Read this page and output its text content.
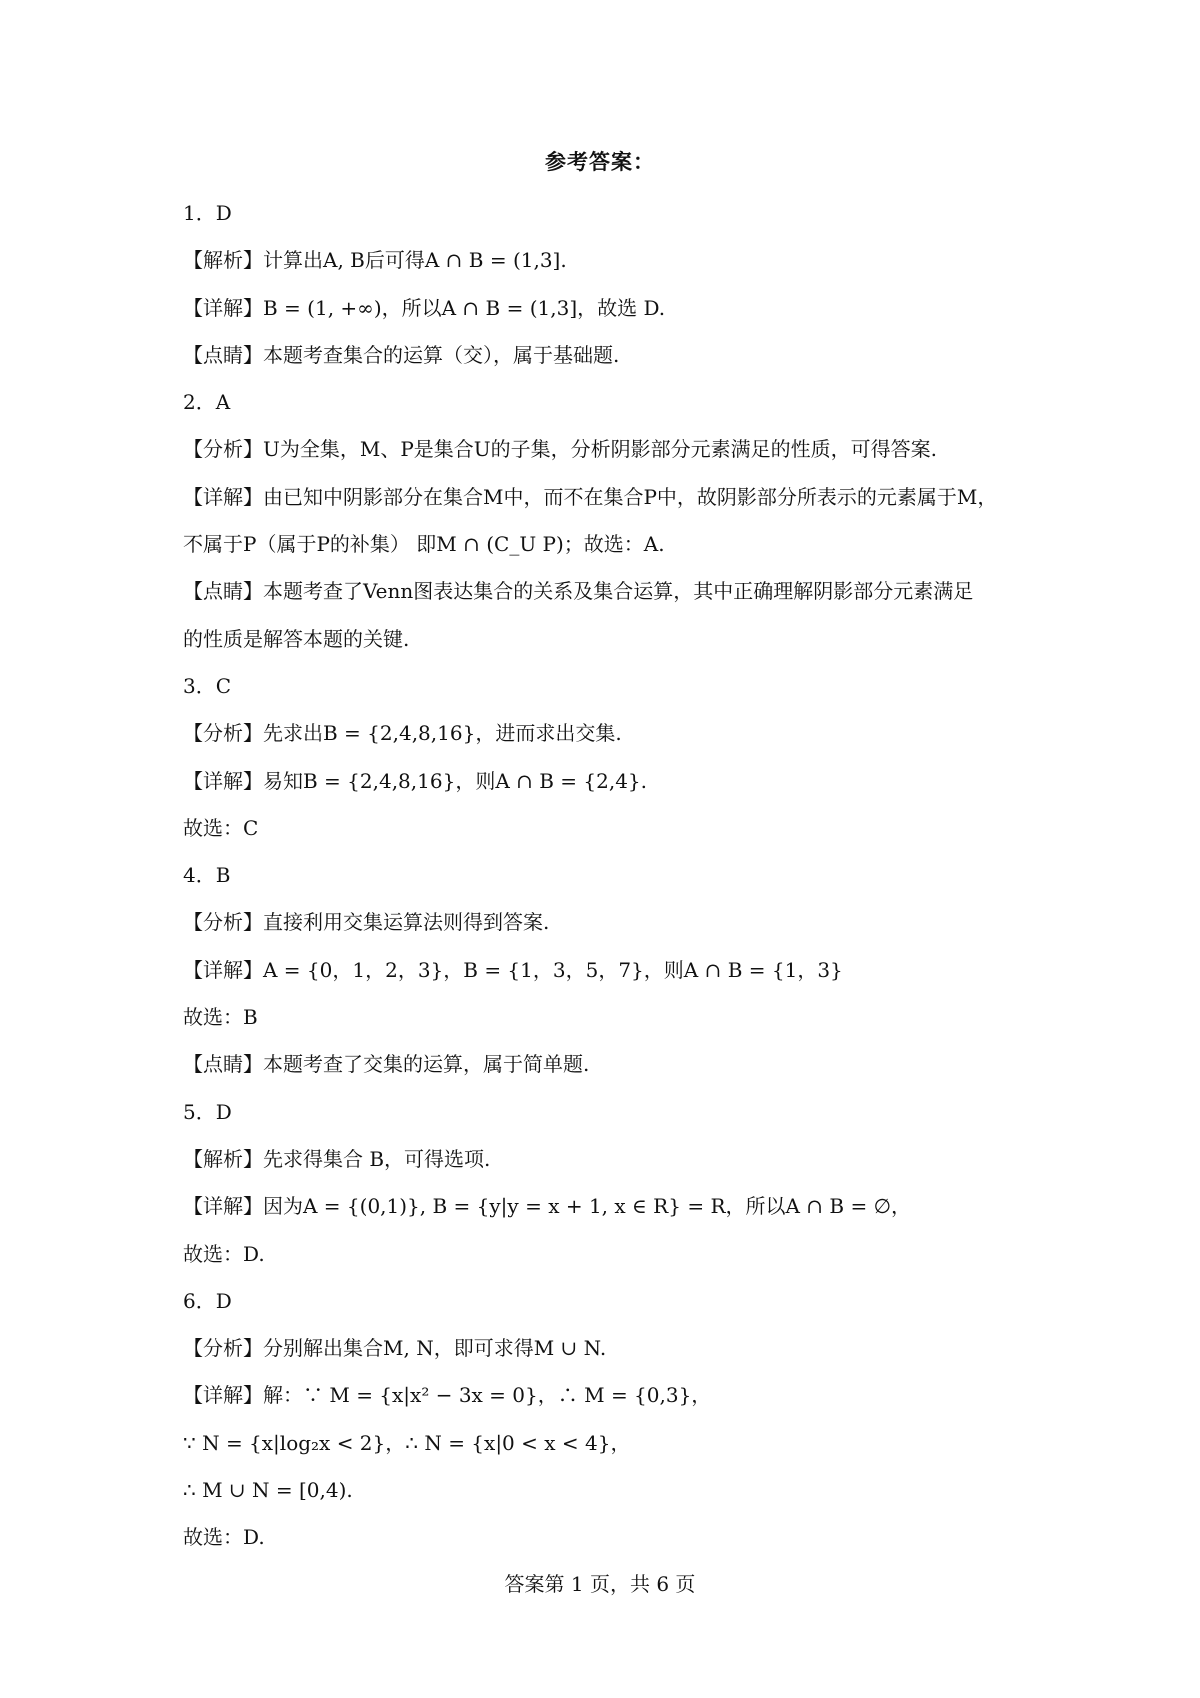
参考答案：
1．D
【解析】计算出A, B后可得A ∩ B = (1,3].
【详解】B = (1, +∞)，所以A ∩ B = (1,3]，故选 D.
【点睛】本题考查集合的运算（交），属于基础题.
2．A
【分析】U为全集，M、P是集合U的子集，分析阴影部分元素满足的性质，可得答案.
【详解】由已知中阴影部分在集合M中，而不在集合P中，故阴影部分所表示的元素属于M，
不属于P（属于P的补集） 即M ∩ (C_U P)；故选：A.
【点睛】本题考查了Venn图表达集合的关系及集合运算，其中正确理解阴影部分元素满足
的性质是解答本题的关键.
3．C
【分析】先求出B = {2,4,8,16}，进而求出交集.
【详解】易知B = {2,4,8,16}，则A ∩ B = {2,4}.
故选：C
4．B
【分析】直接利用交集运算法则得到答案.
【详解】A = {0，1，2，3}，B = {1，3，5，7}，则A ∩ B = {1，3}
故选：B
【点睛】本题考查了交集的运算，属于简单题.
5．D
【解析】先求得集合 B，可得选项.
【详解】因为A = {(0,1)}, B = {y|y = x + 1, x ∈ R} = R，所以A ∩ B = ∅，
故选：D.
6．D
【分析】分别解出集合M, N，即可求得M ∪ N.
【详解】解：∵ M = {x|x² − 3x = 0}，∴ M = {0,3}，
∵ N = {x|log₂x < 2}，∴ N = {x|0 < x < 4}，
∴ M ∪ N = [0,4).
故选：D.
答案第 1 页，共 6 页
